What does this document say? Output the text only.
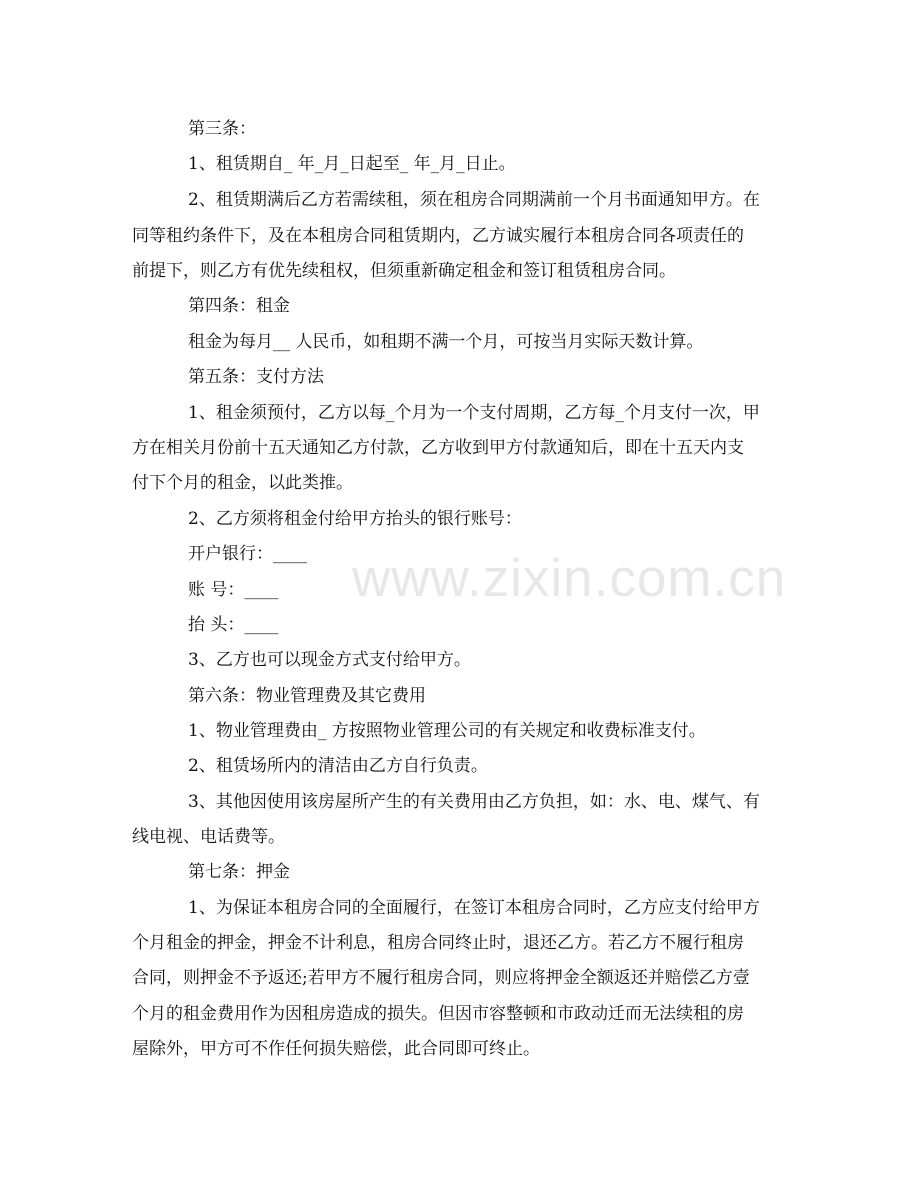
www.zixin.com.cn
第三条：
1、租赁期自_ 年_月_日起至_ 年_月_日止。
2、租赁期满后乙方若需续租，须在租房合同期满前一个月书面通知甲方。在
同等租约条件下，及在本租房合同租赁期内，乙方诚实履行本租房合同各项责任的
前提下，则乙方有优先续租权，但须重新确定租金和签订租赁租房合同。
第四条：租金
租金为每月__ 人民币，如租期不满一个月，可按当月实际天数计算。
第五条：支付方法
1、租金须预付，乙方以每_个月为一个支付周期，乙方每_个月支付一次，甲
方在相关月份前十五天通知乙方付款，乙方收到甲方付款通知后，即在十五天内支
付下个月的租金，以此类推。
2、乙方须将租金付给甲方抬头的银行账号：
开户银行：____
账 号：____
抬 头：____
3、乙方也可以现金方式支付给甲方。
第六条：物业管理费及其它费用
1、物业管理费由_ 方按照物业管理公司的有关规定和收费标准支付。
2、租赁场所内的清洁由乙方自行负责。
3、其他因使用该房屋所产生的有关费用由乙方负担，如：水、电、煤气、有
线电视、电话费等。
第七条：押金
1、为保证本租房合同的全面履行，在签订本租房合同时，乙方应支付给甲方
个月租金的押金，押金不计利息，租房合同终止时，退还乙方。若乙方不履行租房
合同，则押金不予返还;若甲方不履行租房合同，则应将押金全额返还并赔偿乙方壹
个月的租金费用作为因租房造成的损失。但因市容整顿和市政动迁而无法续租的房
屋除外，甲方可不作任何损失赔偿，此合同即可终止。
